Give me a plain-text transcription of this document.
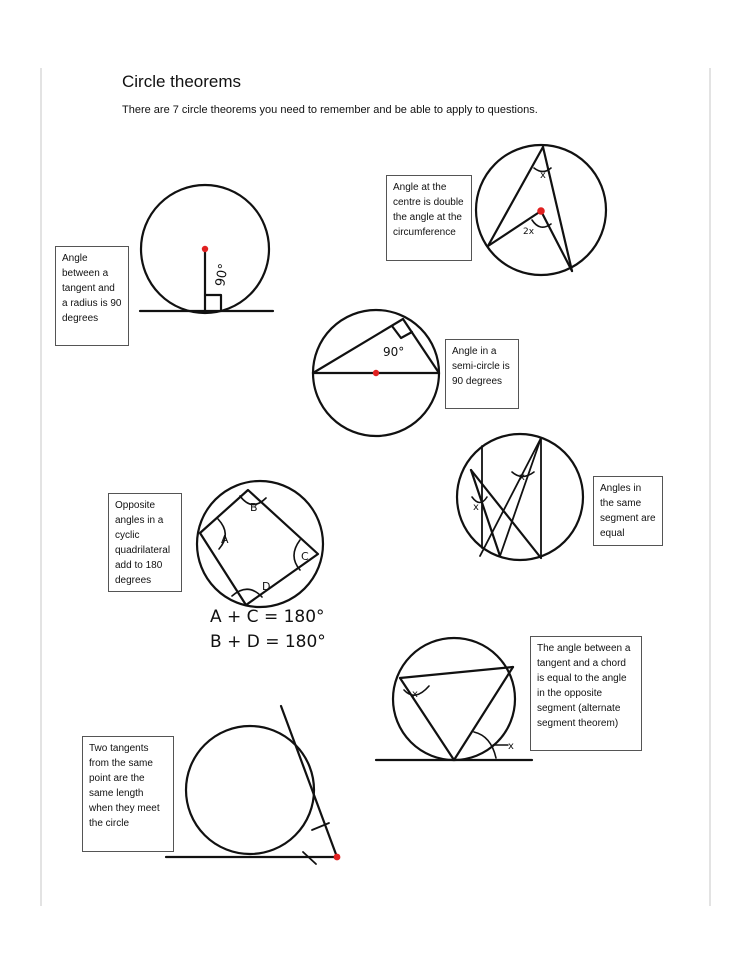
Circle theorems
There are 7 circle theorems you need to remember and be able to apply to questions.
Angle between a tangent and a radius is 90 degrees
Angle at the centre is double the angle at the circumference
Angle in a semi-circle is 90 degrees
Angles in the same segment are equal
Opposite angles in a cyclic quadrilateral add to 180 degrees
The angle between a tangent and a chord is equal to the angle in the opposite segment (alternate segment theorem)
Two tangents from the same point are the same length when they meet the circle
90°
x
2x
90°
x
x
A
B
C
D
A + C = 180°
B + D = 180°
x
x
